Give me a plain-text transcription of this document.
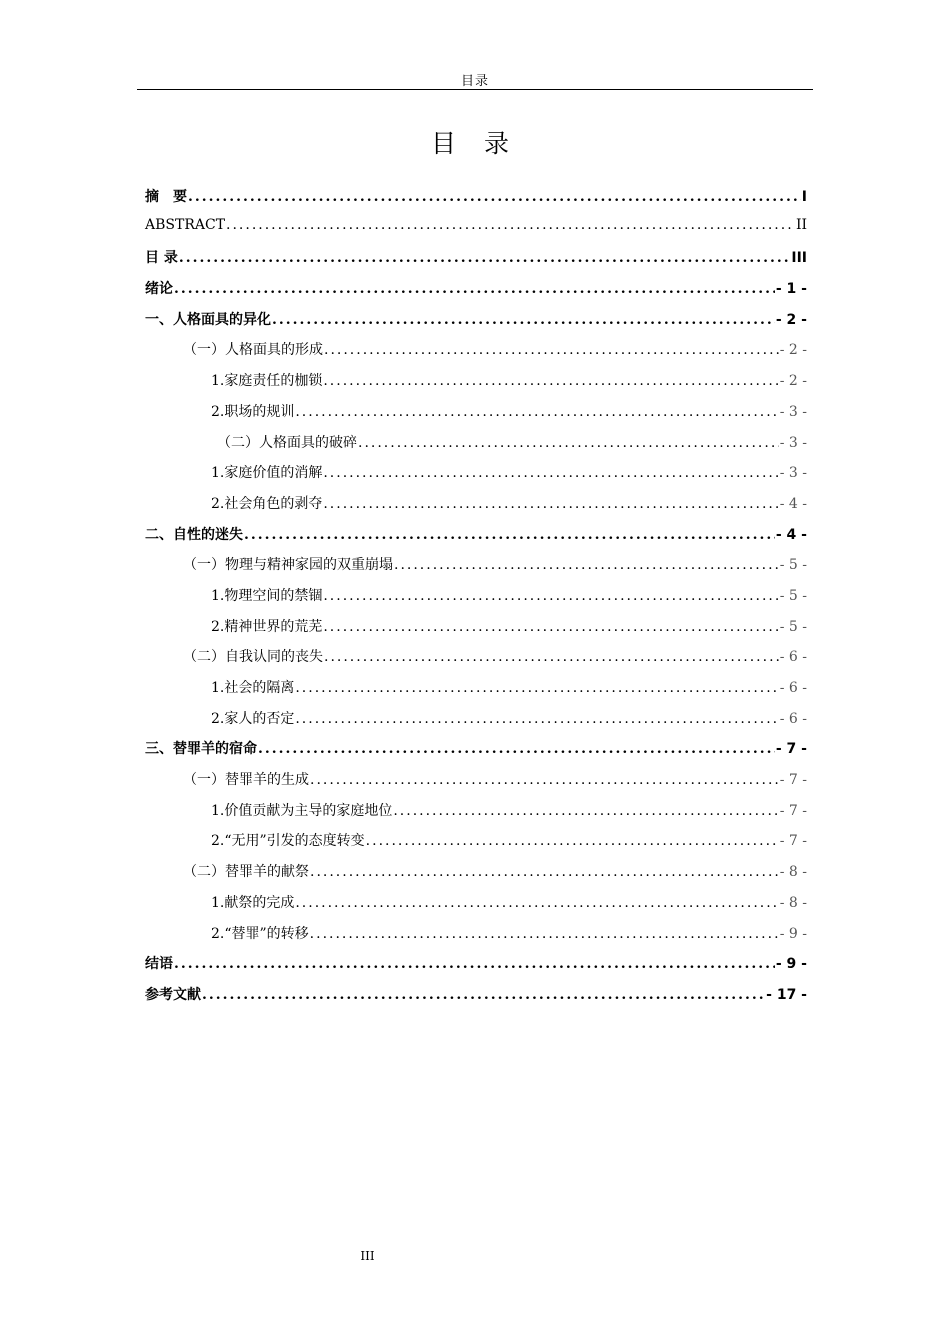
目录
目 录
摘　要 .....	I
ABSTRACT .....	II
目 录 .....	III
绪论 .....	- 1 -
一、人格面具的异化 .....	- 2 -
（一）人格面具的形成 .....	- 2 -
1.家庭责任的枷锁 .....	- 2 -
2.职场的规训 .....	- 3 -
（二）人格面具的破碎 .....	- 3 -
1.家庭价值的消解 .....	- 3 -
2.社会角色的剥夺 .....	- 4 -
二、自性的迷失 .....	- 4 -
（一）物理与精神家园的双重崩塌 .....	- 5 -
1.物理空间的禁锢 .....	- 5 -
2.精神世界的荒芜 .....	- 5 -
（二）自我认同的丧失 .....	- 6 -
1.社会的隔离 .....	- 6 -
2.家人的否定 .....	- 6 -
三、替罪羊的宿命 .....	- 7 -
（一）替罪羊的生成 .....	- 7 -
1.价值贡献为主导的家庭地位 .....	- 7 -
2.“无用”引发的态度转变 .....	- 7 -
（二）替罪羊的献祭 .....	- 8 -
1.献祭的完成 .....	- 8 -
2.“替罪”的转移 .....	- 9 -
结语 .....	- 9 -
参考文献 .....	- 17 -
III
